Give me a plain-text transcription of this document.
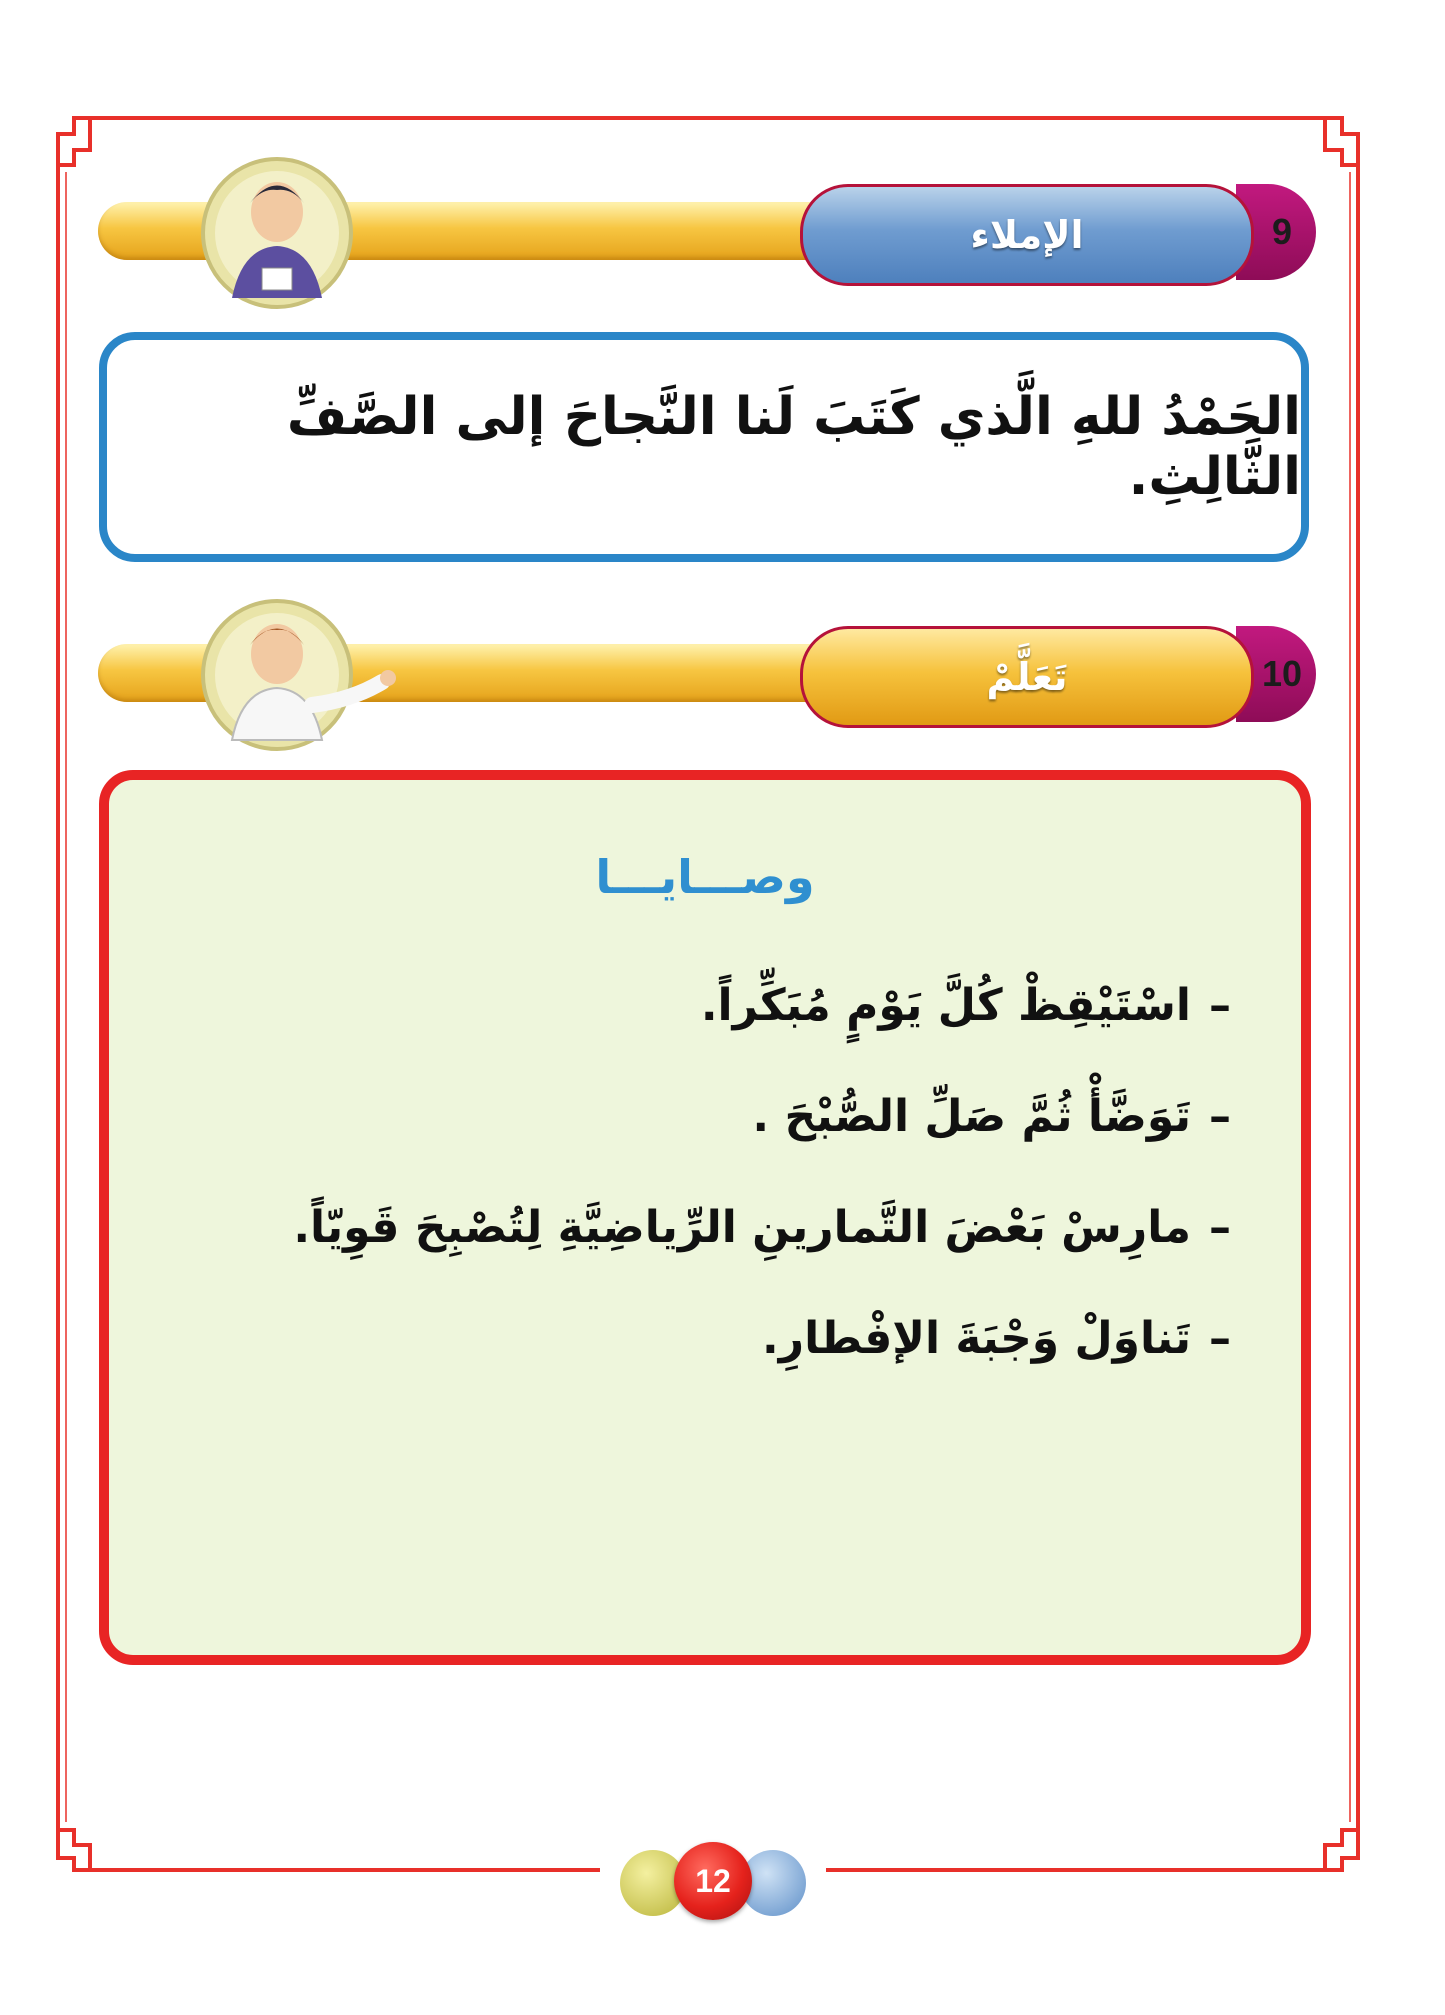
9
الإملاء
الحَمْدُ للهِ الَّذي كَتَبَ لَنا النَّجاحَ إلى الصَّفِّ الثَّالِثِ.
10
تَعَلَّمْ
وصـــايـــا
–اسْتَيْقِظْ كُلَّ يَوْمٍ مُبَكِّراً.
–تَوَضَّأْ ثُمَّ صَلِّ الصُّبْحَ .
–مارِسْ بَعْضَ التَّمارينِ الرِّياضِيَّةِ لِتُصْبِحَ قَوِيّاً.
–تَناوَلْ وَجْبَةَ الإفْطارِ.
12
